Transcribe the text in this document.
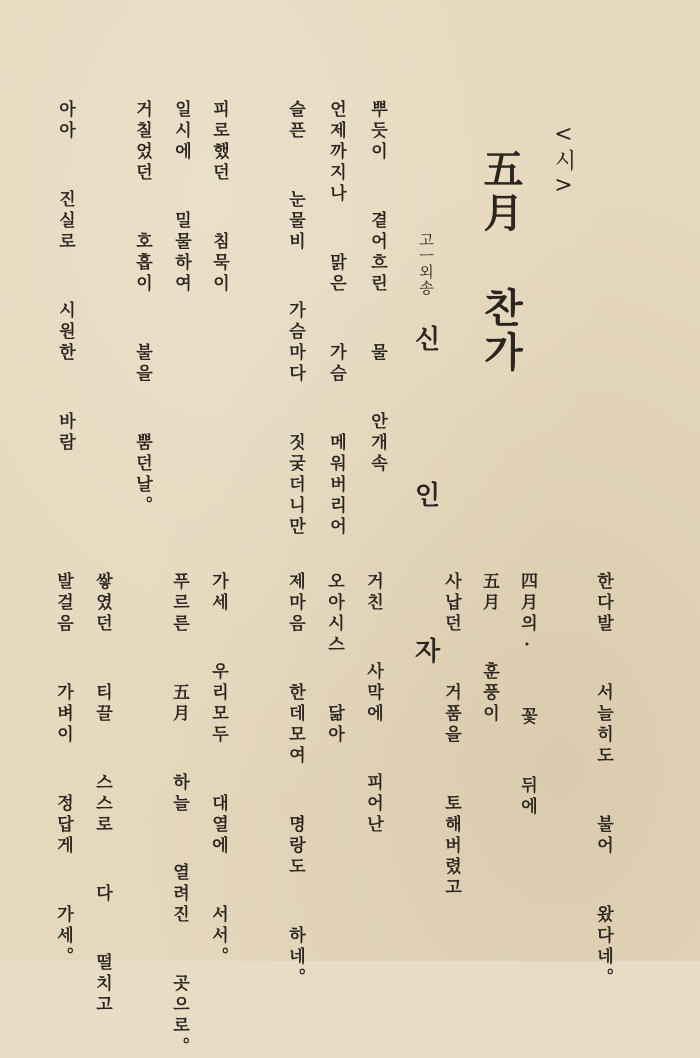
<시>
五月 찬가
고ㅡ외송
신 인 자
뿌듯이  곁어흐린  물  안개속
언제까지나  맑은  가슴  메워버리어
슬픈  눈물비  가슴마다  짓궂더니만
피로했던  침묵이
일시에  밀물하여
거칠었던  호흡이  불을  뿜던날。
아아  진실로  시원한  바람
한다발  서늘히도  불어  왔다네。
四月의·  꽃  뒤에
五月  훈풍이
사납던  거품을  토해버렸고
거친  사막에  피어난
오아시스  닮아
제마음  한데모여  명랑도  하네。
가세  우리모두  대열에  서서。
푸르른  五月  하늘  열려진  곳으로。
쌓였던  티끌  스스로  다  떨치고
발걸음  가벼이  정답게  가세。
